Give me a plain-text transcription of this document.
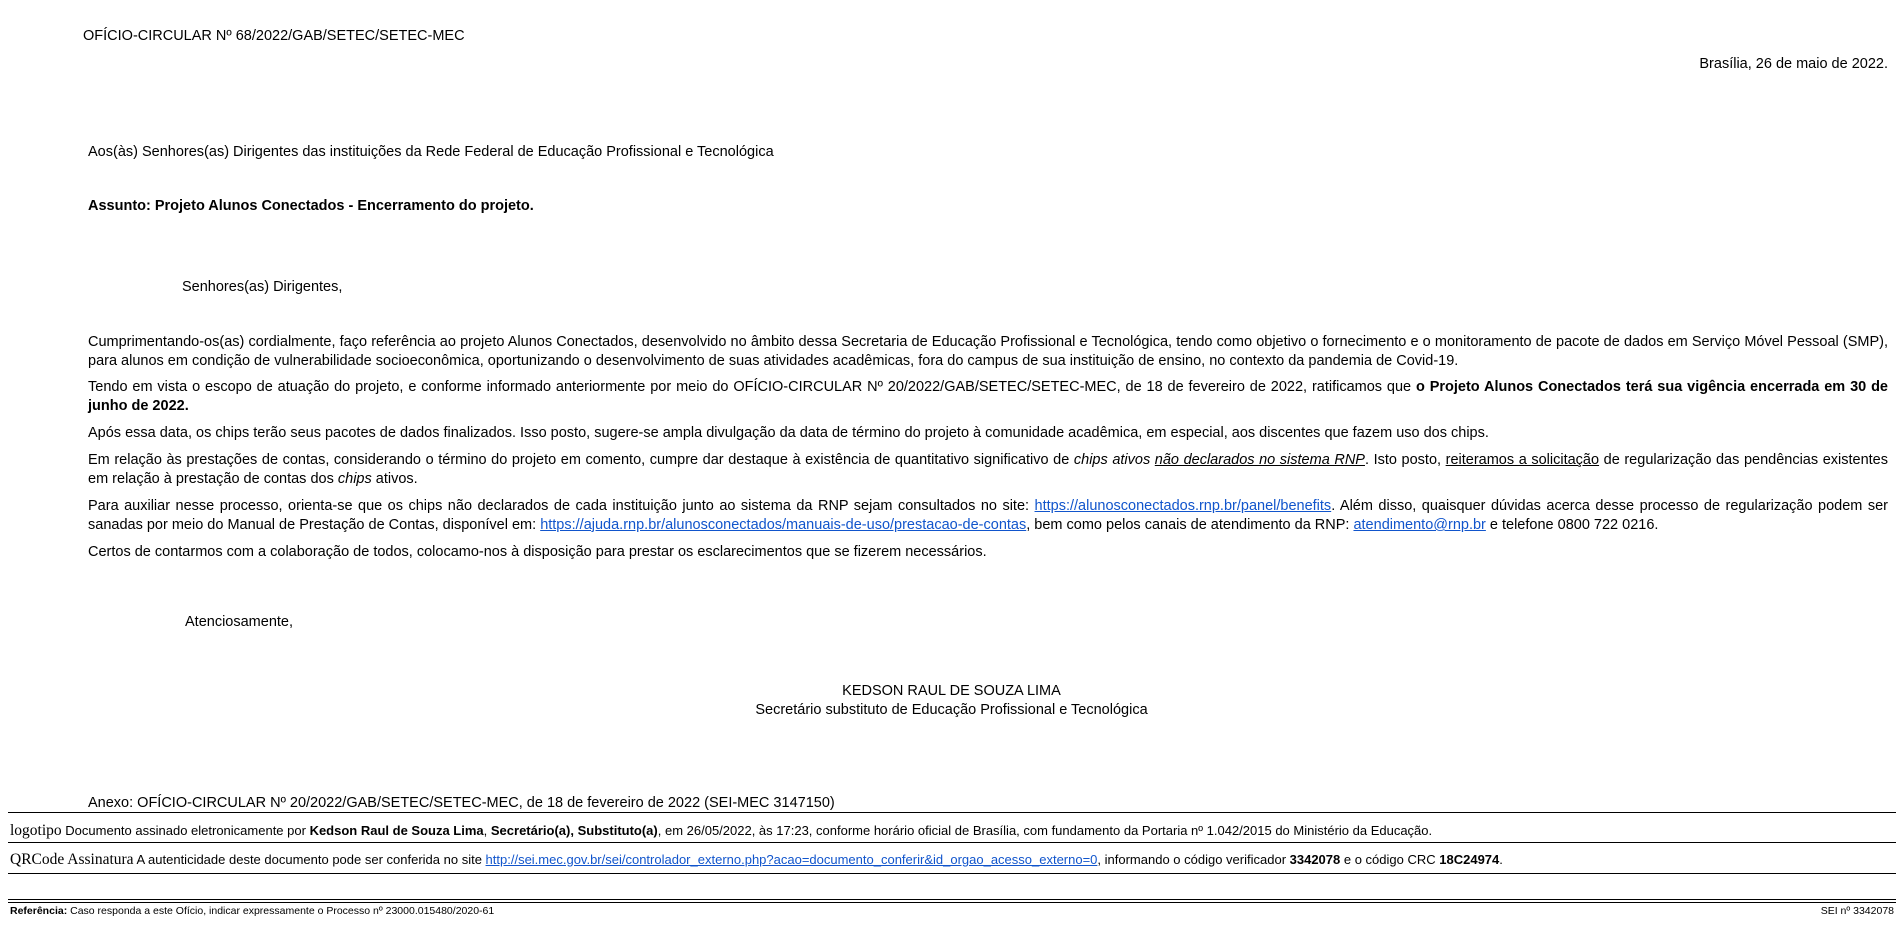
OFÍCIO-CIRCULAR Nº 68/2022/GAB/SETEC/SETEC-MEC
Brasília, 26 de maio de 2022.
Aos(às) Senhores(as) Dirigentes das instituições da Rede Federal de Educação Profissional e Tecnológica
Assunto: Projeto Alunos Conectados - Encerramento do projeto.
Senhores(as) Dirigentes,
Cumprimentando-os(as) cordialmente, faço referência ao projeto Alunos Conectados, desenvolvido no âmbito dessa Secretaria de Educação Profissional e Tecnológica, tendo como objetivo o fornecimento e o monitoramento de pacote de dados em Serviço Móvel Pessoal (SMP), para alunos em condição de vulnerabilidade socioeconômica, oportunizando o desenvolvimento de suas atividades acadêmicas, fora do campus de sua instituição de ensino, no contexto da pandemia de Covid-19.
Tendo em vista o escopo de atuação do projeto, e conforme informado anteriormente por meio do OFÍCIO-CIRCULAR Nº 20/2022/GAB/SETEC/SETEC-MEC, de 18 de fevereiro de 2022, ratificamos que o Projeto Alunos Conectados terá sua vigência encerrada em 30 de junho de 2022.
Após essa data, os chips terão seus pacotes de dados finalizados. Isso posto, sugere-se ampla divulgação da data de término do projeto à comunidade acadêmica, em especial, aos discentes que fazem uso dos chips.
Em relação às prestações de contas, considerando o término do projeto em comento, cumpre dar destaque à existência de quantitativo significativo de chips ativos não declarados no sistema RNP. Isto posto, reiteramos a solicitação de regularização das pendências existentes em relação à prestação de contas dos chips ativos.
Para auxiliar nesse processo, orienta-se que os chips não declarados de cada instituição junto ao sistema da RNP sejam consultados no site: https://alunosconectados.rnp.br/panel/benefits. Além disso, quaisquer dúvidas acerca desse processo de regularização podem ser sanadas por meio do Manual de Prestação de Contas, disponível em: https://ajuda.rnp.br/alunosconectados/manuais-de-uso/prestacao-de-contas, bem como pelos canais de atendimento da RNP: atendimento@rnp.br e telefone 0800 722 0216.
Certos de contarmos com a colaboração de todos, colocamo-nos à disposição para prestar os esclarecimentos que se fizerem necessários.
Atenciosamente,
KEDSON RAUL DE SOUZA LIMA
Secretário substituto de Educação Profissional e Tecnológica
Anexo: OFÍCIO-CIRCULAR Nº 20/2022/GAB/SETEC/SETEC-MEC, de 18 de fevereiro de 2022 (SEI-MEC 3147150)
logotipo Documento assinado eletronicamente por Kedson Raul de Souza Lima, Secretário(a), Substituto(a), em 26/05/2022, às 17:23, conforme horário oficial de Brasília, com fundamento da Portaria nº 1.042/2015 do Ministério da Educação.
QRCode Assinatura A autenticidade deste documento pode ser conferida no site http://sei.mec.gov.br/sei/controlador_externo.php?acao=documento_conferir&id_orgao_acesso_externo=0, informando o código verificador 3342078 e o código CRC 18C24974.
Referência: Caso responda a este Ofício, indicar expressamente o Processo nº 23000.015480/2020-61	SEI nº 3342078
